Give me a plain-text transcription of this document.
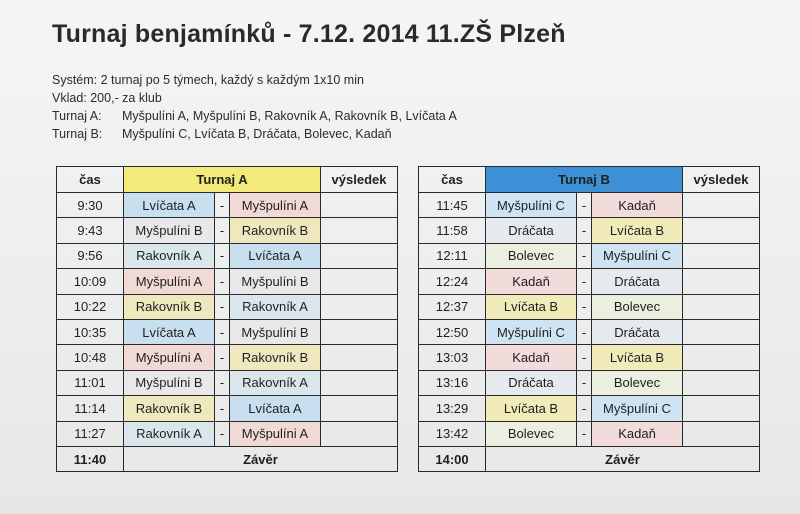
Turnaj benjamínků - 7.12. 2014 11.ZŠ Plzeň
Systém: 2 turnaj po 5 týmech, každý s každým 1x10 min
Vklad: 200,- za klub
Turnaj A:	Myšpulíni A, Myšpulíni B, Rakovník A, Rakovník B, Lvíčata A
Turnaj B:	Myšpulíni C, Lvíčata B, Dráčata, Bolevec, Kadaň
čas	Turnaj A			výsledek
9:30	Lvíčata A	-	Myšpulíni A	
9:43	Myšpulíni B	-	Rakovník B	
9:56	Rakovník A	-	Lvíčata A	
10:09	Myšpulíni A	-	Myšpulíni B	
10:22	Rakovník B	-	Rakovník A	
10:35	Lvíčata A	-	Myšpulíni B	
10:48	Myšpulíni A	-	Rakovník B	
11:01	Myšpulíni B	-	Rakovník A	
11:14	Rakovník B	-	Lvíčata A	
11:27	Rakovník A	-	Myšpulíni A	
11:40	Závěr			
čas	Turnaj B			výsledek
11:45	Myšpulíni C	-	Kadaň	
11:58	Dráčata	-	Lvíčata B	
12:11	Bolevec	-	Myšpulíni C	
12:24	Kadaň	-	Dráčata	
12:37	Lvíčata B	-	Bolevec	
12:50	Myšpulíni C	-	Dráčata	
13:03	Kadaň	-	Lvíčata B	
13:16	Dráčata	-	Bolevec	
13:29	Lvíčata B	-	Myšpulíni C	
13:42	Bolevec	-	Kadaň	
14:00	Závěr			
